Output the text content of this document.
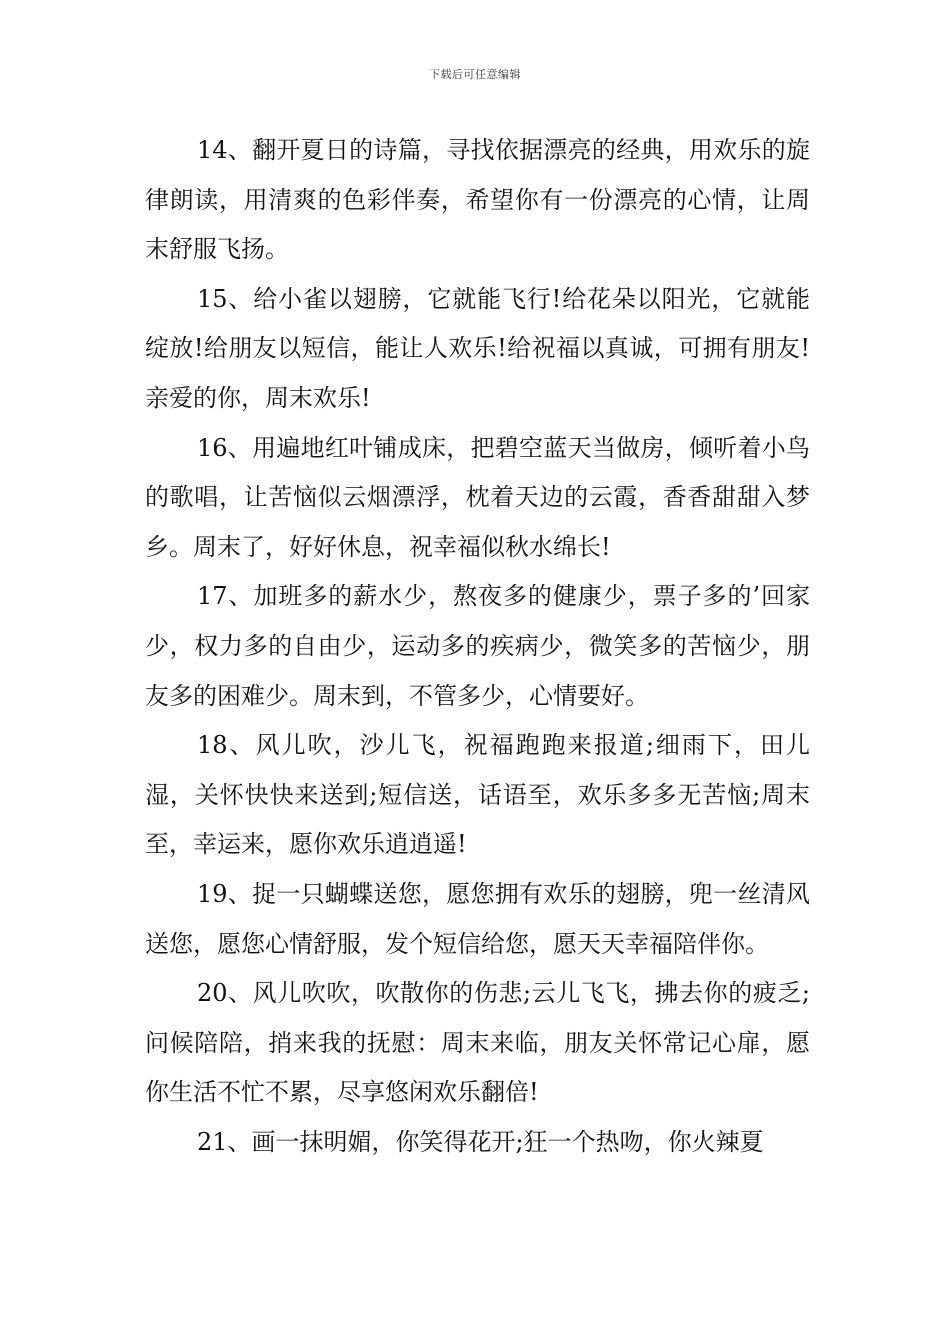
下载后可任意编辑

14、翻开夏日的诗篇，寻找依据漂亮的经典，用欢乐的旋律朗读，用清爽的色彩伴奏，希望你有一份漂亮的心情，让周末舒服飞扬。

15、给小雀以翅膀，它就能飞行!给花朵以阳光，它就能绽放!给朋友以短信，能让人欢乐!给祝福以真诚，可拥有朋友!亲爱的你，周末欢乐!

16、用遍地红叶铺成床，把碧空蓝天当做房，倾听着小鸟的歌唱，让苦恼似云烟漂浮，枕着天边的云霞，香香甜甜入梦乡。周末了，好好休息，祝幸福似秋水绵长!

17、加班多的薪水少，熬夜多的健康少，票子多的’回家少，权力多的自由少，运动多的疾病少，微笑多的苦恼少，朋友多的困难少。周末到，不管多少，心情要好。

18、风儿吹，沙儿飞，祝福跑跑来报道;细雨下，田儿湿，关怀快快来送到;短信送，话语至，欢乐多多无苦恼;周末至，幸运来，愿你欢乐逍逍遥!

19、捉一只蝴蝶送您，愿您拥有欢乐的翅膀，兜一丝清风送您，愿您心情舒服，发个短信给您，愿天天幸福陪伴你。

20、风儿吹吹，吹散你的伤悲;云儿飞飞，拂去你的疲乏;问候陪陪，捎来我的抚慰：周末来临，朋友关怀常记心扉，愿你生活不忙不累，尽享悠闲欢乐翻倍!

21、画一抹明媚，你笑得花开;狂一个热吻，你火辣夏
